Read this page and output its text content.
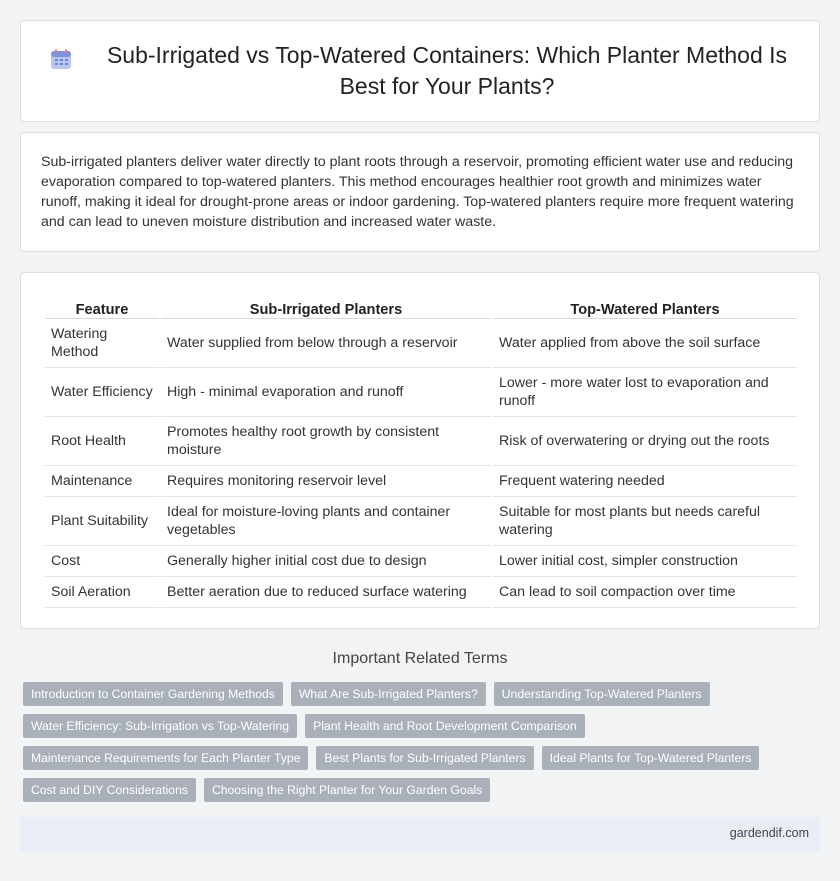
Sub-Irrigated vs Top-Watered Containers: Which Planter Method Is Best for Your Plants?

Sub-irrigated planters deliver water directly to plant roots through a reservoir, promoting efficient water use and reducing evaporation compared to top-watered planters. This method encourages healthier root growth and minimizes water runoff, making it ideal for drought-prone areas or indoor gardening. Top-watered planters require more frequent watering and can lead to uneven moisture distribution and increased water waste.

Feature	Sub-Irrigated Planters	Top-Watered Planters
Watering Method	Water supplied from below through a reservoir	Water applied from above the soil surface
Water Efficiency	High - minimal evaporation and runoff	Lower - more water lost to evaporation and runoff
Root Health	Promotes healthy root growth by consistent moisture	Risk of overwatering or drying out the roots
Maintenance	Requires monitoring reservoir level	Frequent watering needed
Plant Suitability	Ideal for moisture-loving plants and container vegetables	Suitable for most plants but needs careful watering
Cost	Generally higher initial cost due to design	Lower initial cost, simpler construction
Soil Aeration	Better aeration due to reduced surface watering	Can lead to soil compaction over time
Important Related Terms
Introduction to Container Gardening Methods	What Are Sub-Irrigated Planters?	Understanding Top-Watered Planters
Water Efficiency: Sub-Irrigation vs Top-Watering	Plant Health and Root Development Comparison
Maintenance Requirements for Each Planter Type	Best Plants for Sub-Irrigated Planters	Ideal Plants for Top-Watered Planters
Cost and DIY Considerations	Choosing the Right Planter for Your Garden Goals
gardendif.com
